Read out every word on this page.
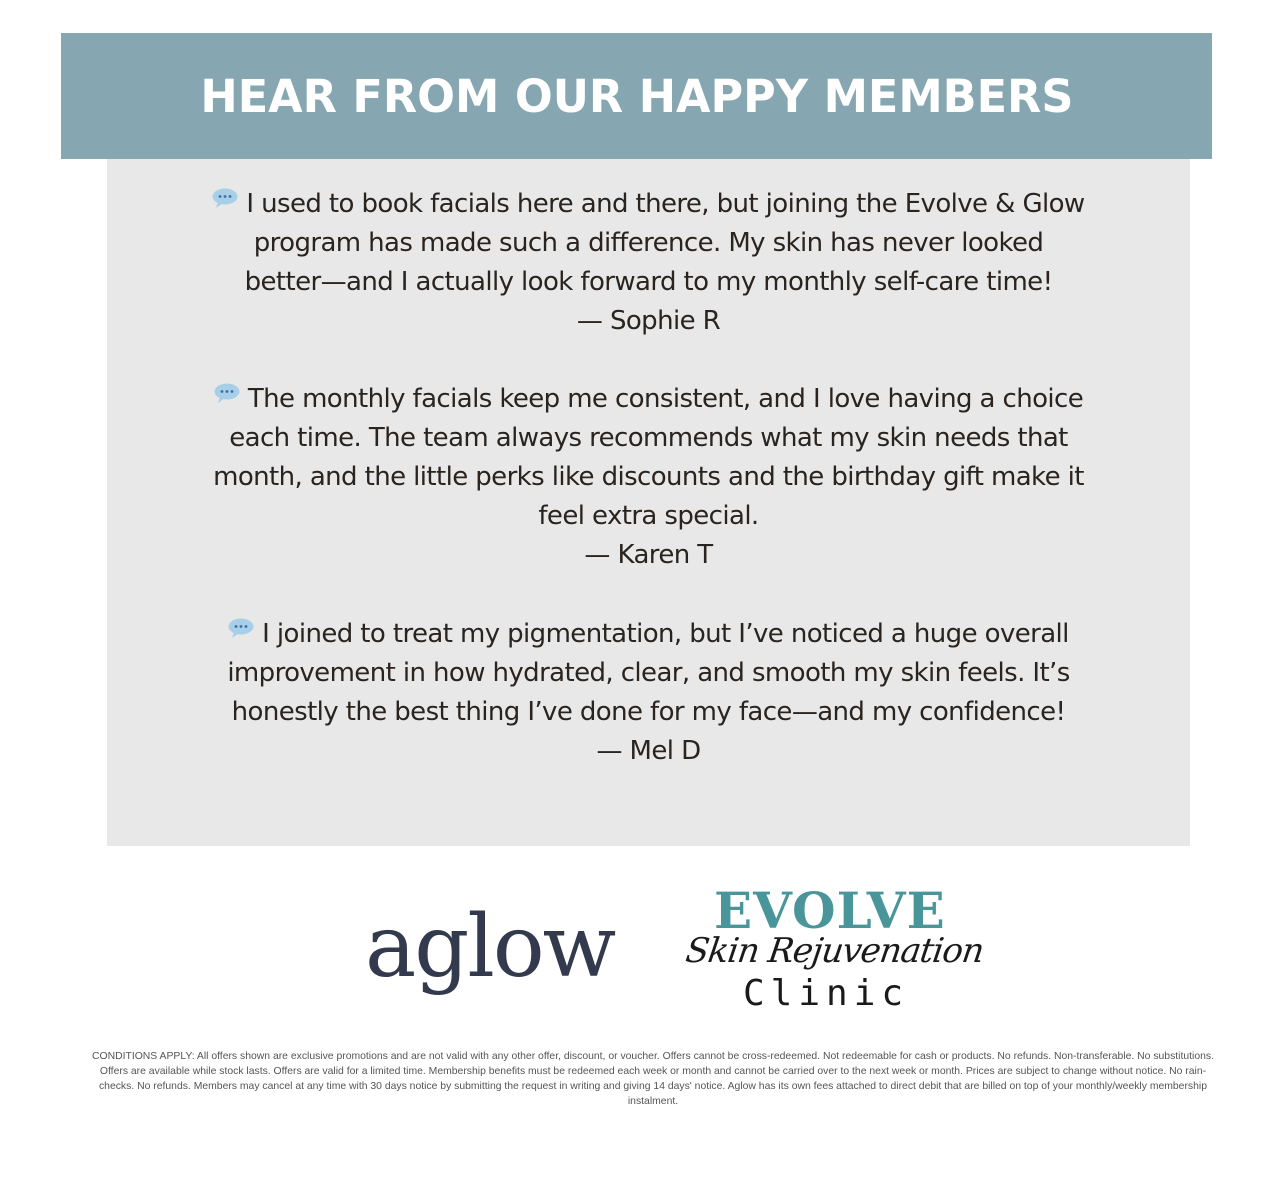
HEAR FROM OUR HAPPY MEMBERS

I used to book facials here and there, but joining the Evolve & Glow

program has made such a difference. My skin has never looked

better—and I actually look forward to my monthly self-care time!

— Sophie R

The monthly facials keep me consistent, and I love having a choice

each time. The team always recommends what my skin needs that

month, and the little perks like discounts and the birthday gift make it

feel extra special.

— Karen T

I joined to treat my pigmentation, but I’ve noticed a huge overall

improvement in how hydrated, clear, and smooth my skin feels. It’s

honestly the best thing I’ve done for my face—and my confidence!

— Mel D

aglow EVOLVE
Skin Rejuvenation
Clinic
CONDITIONS APPLY: All offers shown are exclusive promotions and are not valid with any other offer, discount, or voucher. Offers cannot be cross-redeemed. Not redeemable for cash or products. No refunds. Non-transferable. No substitutions. Offers are available while stock lasts. Offers are valid for a limited time. Membership benefits must be redeemed each week or month and cannot be carried over to the next week or month. Prices are subject to change without notice. No rain-checks. No refunds. Members may cancel at any time with 30 days notice by submitting the request in writing and giving 14 days' notice. Aglow has its own fees attached to direct debit that are billed on top of your monthly/weekly membership instalment.
